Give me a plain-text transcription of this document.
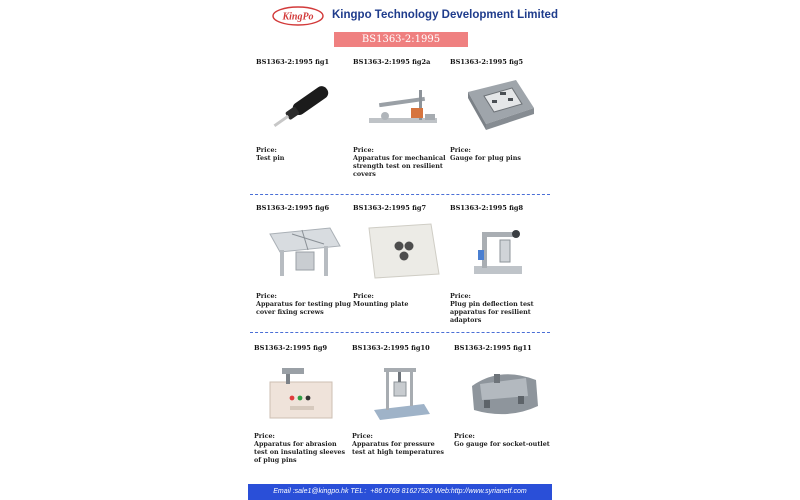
KingPo Kingpo Technology Development Limited
BS1363-2:1995
BS1363-2:1995 fig1
Price:
Test pin
BS1363-2:1995 fig2a
Price:
Apparatus for mechanical strength test on resilient covers
BS1363-2:1995 fig5
Price:
Gauge for plug pins
BS1363-2:1995 fig6
Price:
Apparatus for testing plug cover fixing screws
BS1363-2:1995 fig7
Price:
Mounting plate
BS1363-2:1995 fig8
Price:
Plug pin deflection test apparatus for resilient adaptors
BS1363-2:1995 fig9
Price:
Apparatus for abrasion test on insulating sleeves of plug pins
BS1363-2:1995 fig10
Price:
Apparatus for pressure test at high temperatures
BS1363-2:1995 fig11
Price:
Go gauge for socket-outlet
Email :sale1@kingpo.hk TEL：+86 0769 81627526 Web:http://www.syrianetf.com
